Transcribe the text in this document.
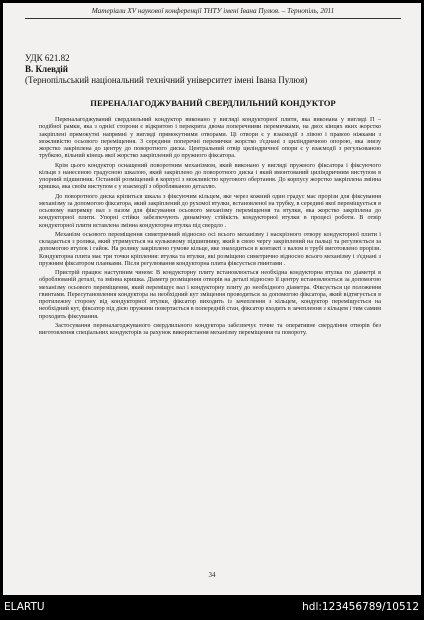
Матеріали XV наукової конференції ТНТУ імені Івана Пулюя. – Тернопіль, 2011
УДК 621.82
В. Клевдій
(Тернопільський національний технічний університет імені Івана Пулюя)
ПЕРЕНАЛАГОДЖУВАНИЙ СВЕРДЛИЛЬНИЙ КОНДУКТОР

Переналагоджуваний свердлильний кондуктор виконано у вигляді кондукторної плити, яка виконана у вигляді П – подібної рамки, яка з однієї сторони є відкритою і перекрита двома поперечними перемичками, на двох кінцях яких жорстко закріплені прямокутні напрямні у вигляді прямокутними отворами. Ці отвори є у взаємодії з лівою і правою ніжками з можливістю осьового переміщення. З середини поперечні перемички жорстко з'єднані з циліндричною опорою, яка знизу жорстко закріплена до центру до поворотного диска. Центральний отвір циліндричної опори є у взаємодії з регульованою трубкою, вільний кінець якої жорстко закріплений до пружного фіксатора.

Крім цього кондуктор оснащений поворотним механізмом, який виконано у вигляді пружного фіксатора і фіксуючого кільця з нанесеною градусною шкалою, який закріплено до поворотного диска і який вмонтований циліндричним виступом в упорний підшипник. Останній розміщений в корпусі з можливістю кругового обертання. До корпусу жорстко закріплена змінна кришка, яка своїм виступом є у взаємодії з обробляваною деталлю.

До поворотного диска кріпиться шкала з фіксуючим кільцем, яке через кожний один градус має прорізи для фіксування механізму за допомогою фіксатора, який закріплений до рухомої втулки, встановленої на трубку, в середині якої переміщується в осьовому напрямку вал з пазом для фіксування осьового механізму переміщення та втулки, яка жорстко закріплена до кондукторної плити. Упорні стійки забезпечують динамічну стійкість кондукторної втулки в процесі роботи. В отвір кондукторної плити вставлена змінна кондукторна втулка під свердло .

Механізм осьового переміщення симетричний відносно осі всього механізму і наскрізного отвору кондукторної плити і складається з ролика, який утримується на кульковому підшипнику, який в свою чергу закріплений на пальці та регулюється за допомогою втулок і гайок. На ролику закріплено гумове кільце, яке знаходиться в контакті з валом в трубі виготовлено прорізи. Кондукторна плита має три точки кріплення: втулка та втулки, які розміщено симетрично відносно всього механізму і з'єднані з пружним фіксатором планками. Після регулювання кондукторна плита фіксується гвинтами .

Пристрій працює наступним чином: В кондукторну плиту встановлюється необхідна кондукторна втулка по діаметрі в оброблюваній деталі, та змінна кришка. Діаметр розміщення отворів на деталі відносно її центру встановлюється за допомогою механізму осьового переміщення, який переміщує вал і кондукторну плиту до необхідного діаметра. Фіксується це положення гвинтами. Пересутановлення кондуктора на необхідний кут зміщення проводиться за допомогою фіксатора, який відтягується в протилежну сторону від кондукторної втулки, фіксатор виходить із зачеплення з кільцем, кондуктор переміщується на необхідний кут, фіксатор під дією пружини повертається в попередній стан, фіксатор входить в зачеплення з кільцем і тим самим проходить фіксування.

Застосування переналагоджуваного свердлильного кондуктора забезпечує точне та оперативне свердління отворів без виготовлення спеціальних кондукторів за рахунок використання механізму переміщення та повороту.

34
ELARTU	hdl:123456789/10512
